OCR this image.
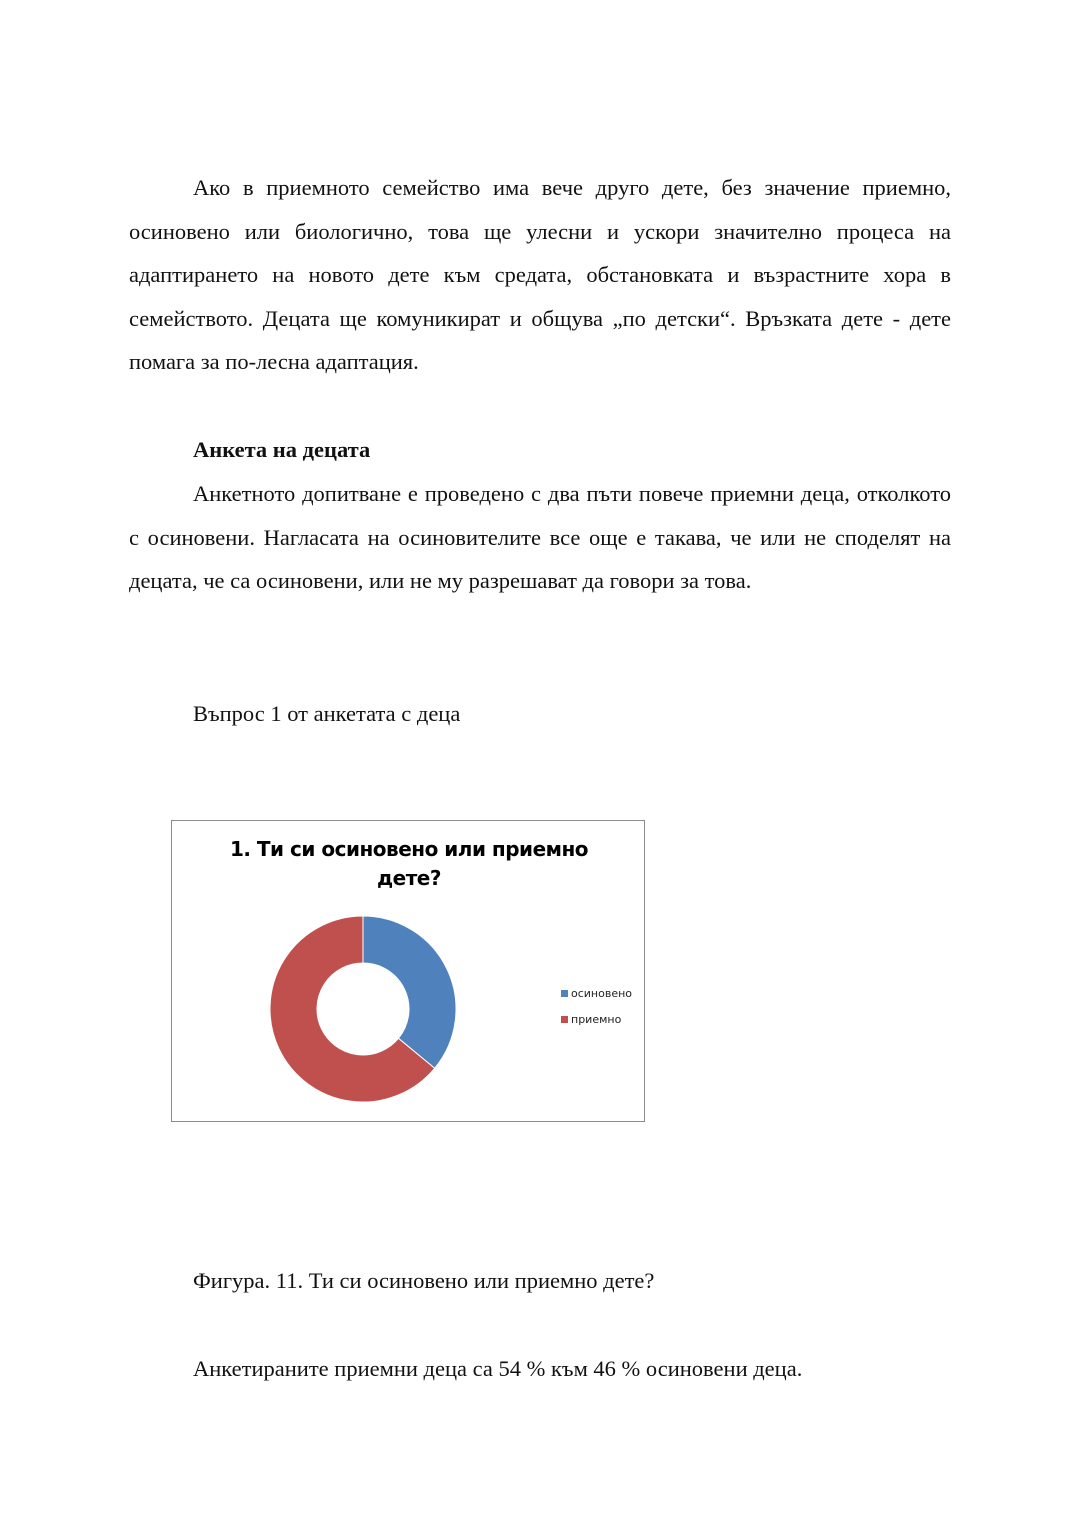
Ако в приемното семейство има вече друго дете, без значение приемно, осиновено или биологично, това ще улесни и ускори значително процеса на адаптирането на новото дете към средата, обстановката и възрастните хора в семейството. Децата ще комуникират и общува „по детски“. Връзката дете - дете помага за по-лесна адаптация.

Анкета на децата

Анкетното допитване е проведено с два пъти повече приемни деца, отколкото с осиновени. Нагласата на осиновителите все още е такава, че или не споделят на децата, че са осиновени, или не му разрешават да говори за това.

Въпрос 1 от анкетата с деца
1. Ти си осиновено или приемно
дете?
осиновено
приемно
Фигура. 11. Ти си осиновено или приемно дете?
Анкетираните приемни деца са 54 % към 46 % осиновени деца.
